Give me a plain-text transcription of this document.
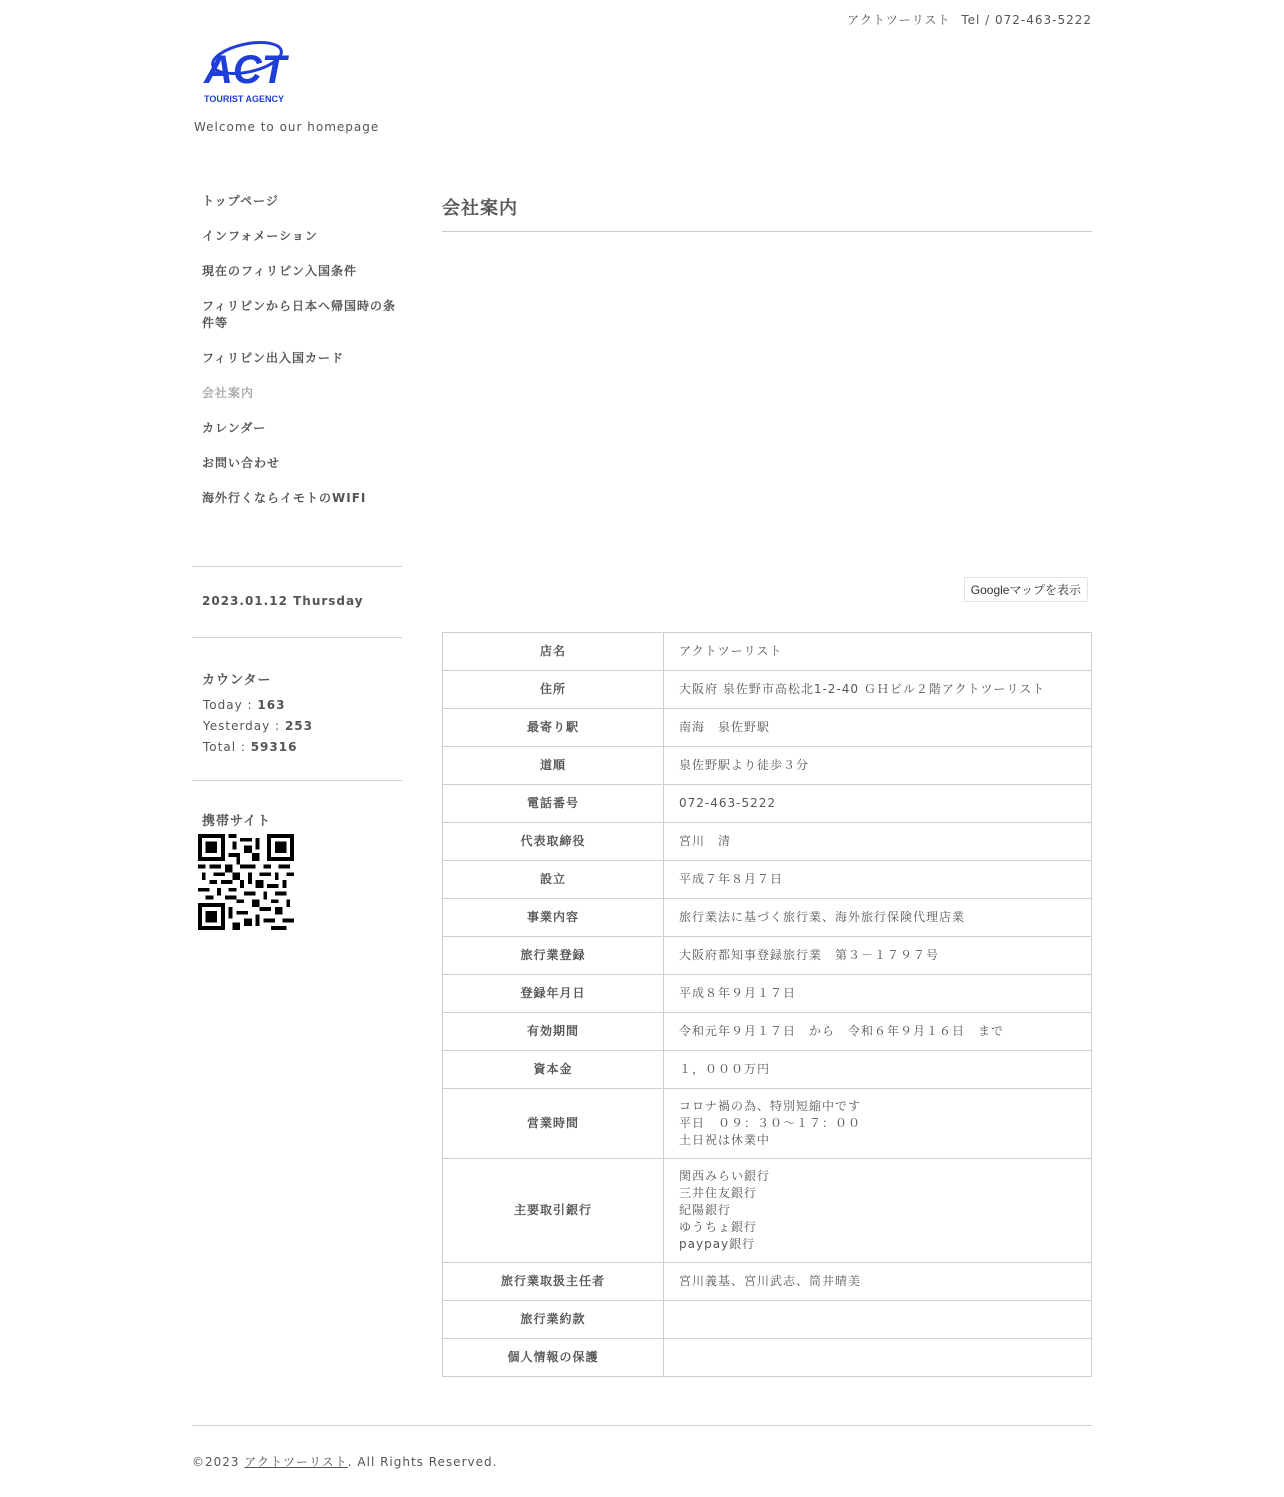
アクトツーリスト Tel / 072-463-5222
ACT
TOURIST AGENCY
Welcome to our homepage
トップページ
インフォメーション
現在のフィリピン入国条件
フィリピンから日本へ帰国時の条件等
フィリピン出入国カード
会社案内
カレンダー
お問い合わせ
海外行くならイモトのWIFI
2023.01.12 Thursday
カウンター
Today : 163
Yesterday : 253
Total : 59316
携帯サイト
会社案内
Googleマップを表示
店名	アクトツーリスト
住所	大阪府 泉佐野市高松北1-2-40 ＧＨビル２階アクトツーリスト
最寄り駅	南海　泉佐野駅
道順	泉佐野駅より徒歩３分
電話番号	072-463-5222
代表取締役	宮川　清
設立	平成７年８月７日
事業内容	旅行業法に基づく旅行業、海外旅行保険代理店業
旅行業登録	大阪府都知事登録旅行業　第３－１７９７号
登録年月日	平成８年９月１７日
有効期間	令和元年９月１７日　から　令和６年９月１６日　まで
資本金	１，０００万円
営業時間	コロナ禍の為、特別短縮中です
平日　０９：３０～１７：００
土日祝は休業中

主要取引銀行	関西みらい銀行
三井住友銀行
紀陽銀行
ゆうちょ銀行
paypay銀行

旅行業取扱主任者	宮川義基、宮川武志、筒井晴美
旅行業約款	
個人情報の保護	
©2023 アクトツーリスト. All Rights Reserved.
